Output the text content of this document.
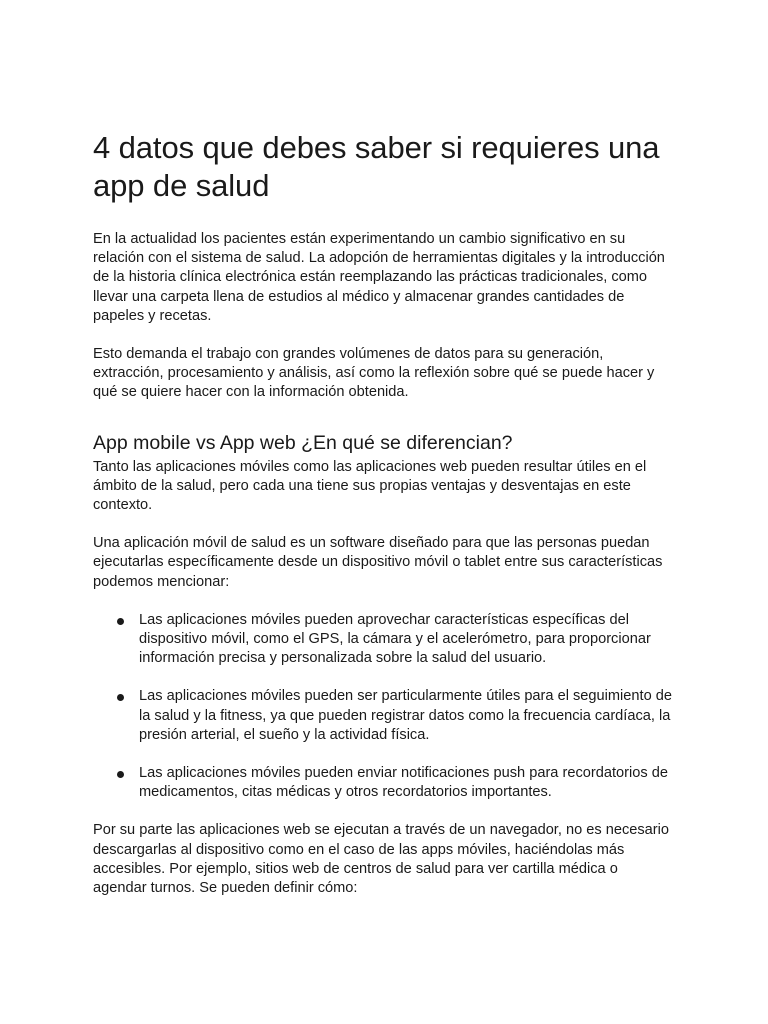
4 datos que debes saber si requieres una app de salud

En la actualidad los pacientes están experimentando un cambio significativo en su relación con el sistema de salud. La adopción de herramientas digitales y la introducción de la historia clínica electrónica están reemplazando las prácticas tradicionales, como llevar una carpeta llena de estudios al médico y almacenar grandes cantidades de papeles y recetas.

Esto demanda el trabajo con grandes volúmenes de datos para su generación, extracción, procesamiento y análisis, así como la reflexión sobre qué se puede hacer y qué se quiere hacer con la información obtenida.

App mobile vs App web ¿En qué se diferencian?

Tanto las aplicaciones móviles como las aplicaciones web pueden resultar útiles en el ámbito de la salud, pero cada una tiene sus propias ventajas y desventajas en este contexto.

Una aplicación móvil de salud es un software diseñado para que las personas puedan ejecutarlas específicamente desde un dispositivo móvil o tablet entre sus características podemos mencionar:

Las aplicaciones móviles pueden aprovechar características específicas del dispositivo móvil, como el GPS, la cámara y el acelerómetro, para proporcionar información precisa y personalizada sobre la salud del usuario.
Las aplicaciones móviles pueden ser particularmente útiles para el seguimiento de la salud y la fitness, ya que pueden registrar datos como la frecuencia cardíaca, la presión arterial, el sueño y la actividad física.
Las aplicaciones móviles pueden enviar notificaciones push para recordatorios de medicamentos, citas médicas y otros recordatorios importantes.

Por su parte las aplicaciones web se ejecutan a través de un navegador, no es necesario descargarlas al dispositivo como en el caso de las apps móviles, haciéndolas más accesibles. Por ejemplo, sitios web de centros de salud para ver cartilla médica o agendar turnos. Se pueden definir cómo:
